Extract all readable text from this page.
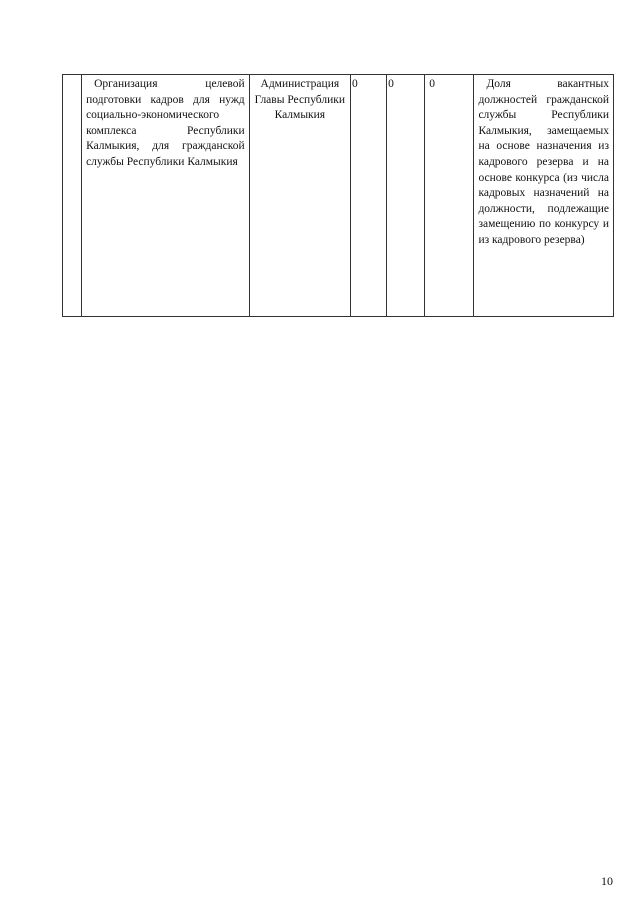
	Организация целевой подготовки кадров для нужд социально-экономического комплекса Республики Калмыкия, для гражданской службы Республики Калмыкия	Администрация Главы Республики Калмыкия	0	0	0	Доля вакантных должностей гражданской службы Республики Калмыкия, замещаемых на основе назначения из кадрового резерва и на основе конкурса (из числа кадровых назначений на должности, подлежащие замещению по конкурсу и из кадрового резерва)
10
